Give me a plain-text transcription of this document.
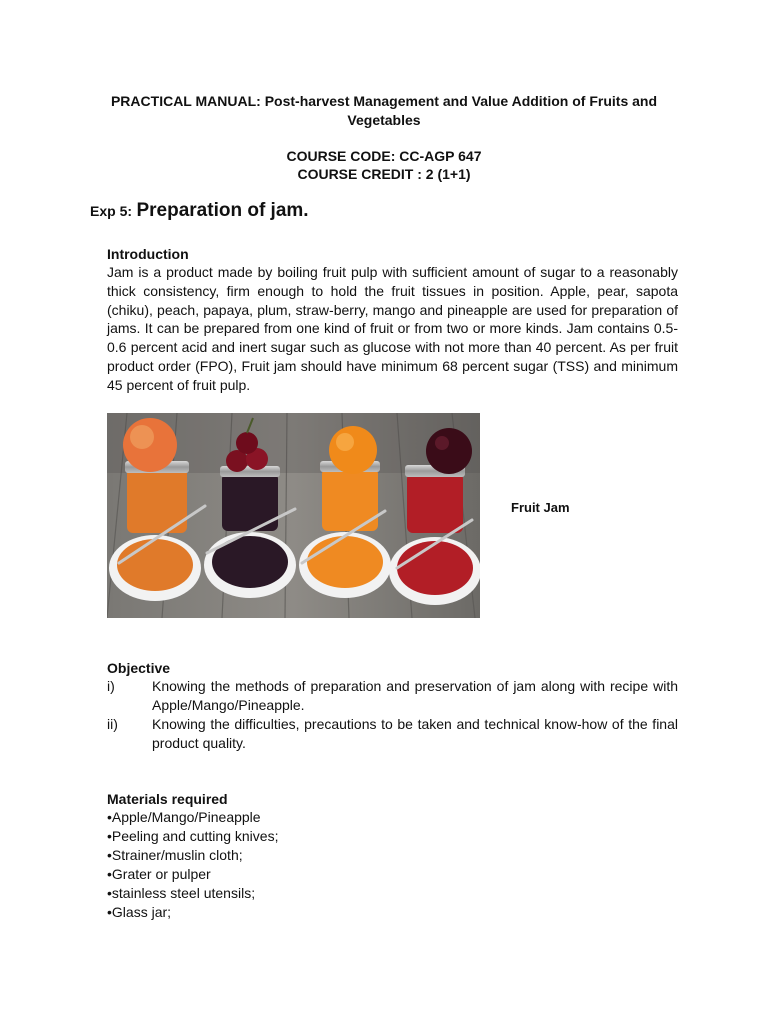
PRACTICAL MANUAL: Post-harvest Management and Value Addition of Fruits and Vegetables
COURSE CODE: CC-AGP 647
COURSE CREDIT : 2 (1+1)
Exp 5: Preparation of jam.
Introduction
Jam is a product made by boiling fruit pulp with sufficient amount of sugar to a reasonably thick consistency, firm enough to hold the fruit tissues in position. Apple, pear, sapota (chiku), peach, papaya, plum, straw-berry, mango and pineapple are used for preparation of jams. It can be prepared from one kind of fruit or from two or more kinds. Jam contains 0.5-0.6 percent acid and inert sugar such as glucose with not more than 40 percent. As per fruit product order (FPO), Fruit jam should have minimum 68 percent sugar (TSS) and minimum 45 percent of fruit pulp.
Fruit Jam
Objective
i)	Knowing the methods of preparation and preservation of jam along with recipe with Apple/Mango/Pineapple.
ii) Knowing the difficulties, precautions to be taken and technical know-how of the final product quality.
Materials required
•Apple/Mango/Pineapple
•Peeling and cutting knives;
•Strainer/muslin cloth;
•Grater or pulper
•stainless steel utensils;
•Glass jar;
